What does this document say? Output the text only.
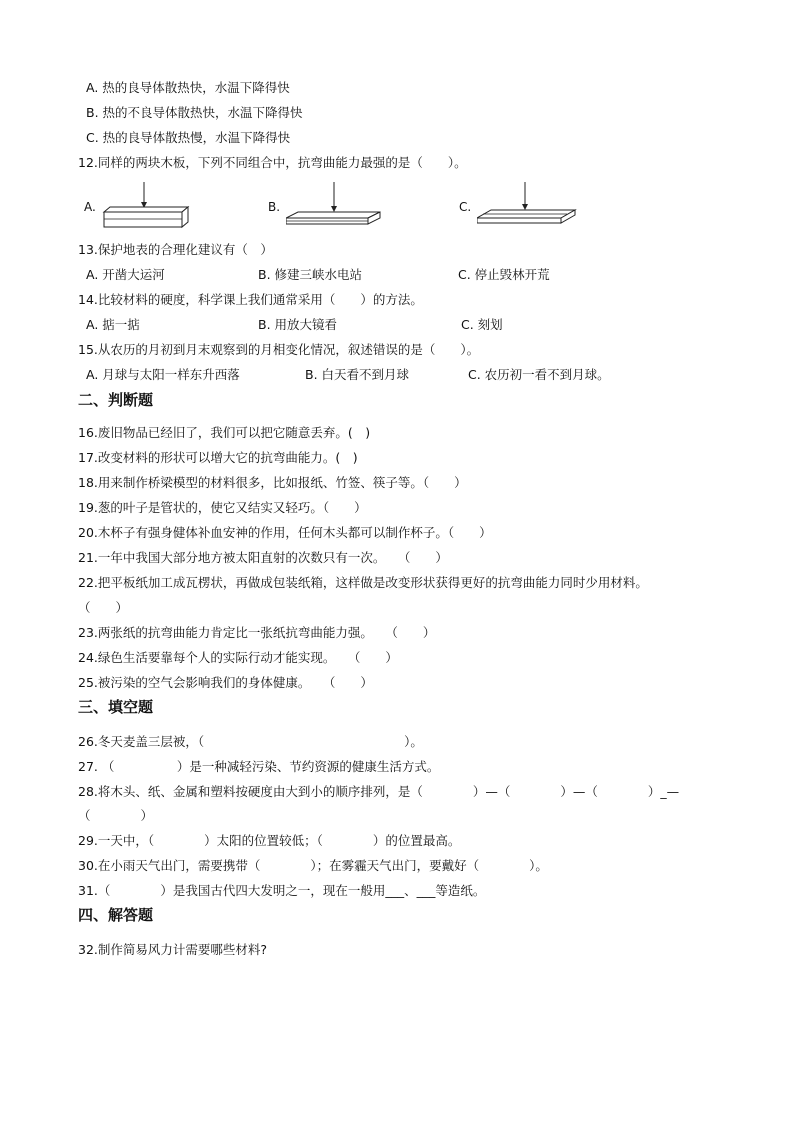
A. 热的良导体散热快，水温下降得快
B. 热的不良导体散热快，水温下降得快
C. 热的良导体散热慢，水温下降得快
12.同样的两块木板，下列不同组合中，抗弯曲能力最强的是（　　）。
A.	B.	C.
13.保护地表的合理化建议有（　）
A. 开凿大运河	B. 修建三峡水电站	C. 停止毁林开荒
14.比较材料的硬度，科学课上我们通常采用（　　）的方法。
A. 掂一掂	B. 用放大镜看	C. 刻划
15.从农历的月初到月末观察到的月相变化情况，叙述错误的是（　　）。
A. 月球与太阳一样东升西落	B. 白天看不到月球	C. 农历初一看不到月球。
二、判断题
16.废旧物品已经旧了，我们可以把它随意丢弃。(　)
17.改变材料的形状可以增大它的抗弯曲能力。(　)
18.用来制作桥梁模型的材料很多，比如报纸、竹签、筷子等。（　　）
19.葱的叶子是管状的，使它又结实又轻巧。（　　）
20.木杯子有强身健体补血安神的作用，任何木头都可以制作杯子。（　　）
21.一年中我国大部分地方被太阳直射的次数只有一次。　　（　　）
22.把平板纸加工成瓦楞状，再做成包装纸箱，这样做是改变形状获得更好的抗弯曲能力同时少用材料。
（　　）
23.两张纸的抗弯曲能力肯定比一张纸抗弯曲能力强。　　（　　）
24.绿色生活要靠每个人的实际行动才能实现。　　（　　）
25.被污染的空气会影响我们的身体健康。　　（　　）
三、填空题
26.冬天麦盖三层被，（　　　　　　　　　　　　　　　　）。
27. （　　　　　）是一种减轻污染、节约资源的健康生活方式。
28.将木头、纸、金属和塑料按硬度由大到小的顺序排列，是（　　　　）—（　　　　）—（　　　　）_—
（　　　　）
29.一天中，（　　　　）太阳的位置较低；（　　　　）的位置最高。
30.在小雨天气出门，需要携带（　　　　）；在雾霾天气出门，要戴好（　　　　）。
31.（　　　　）是我国古代四大发明之一，现在一般用___、___等造纸。
四、解答题
32.制作简易风力计需要哪些材料?
